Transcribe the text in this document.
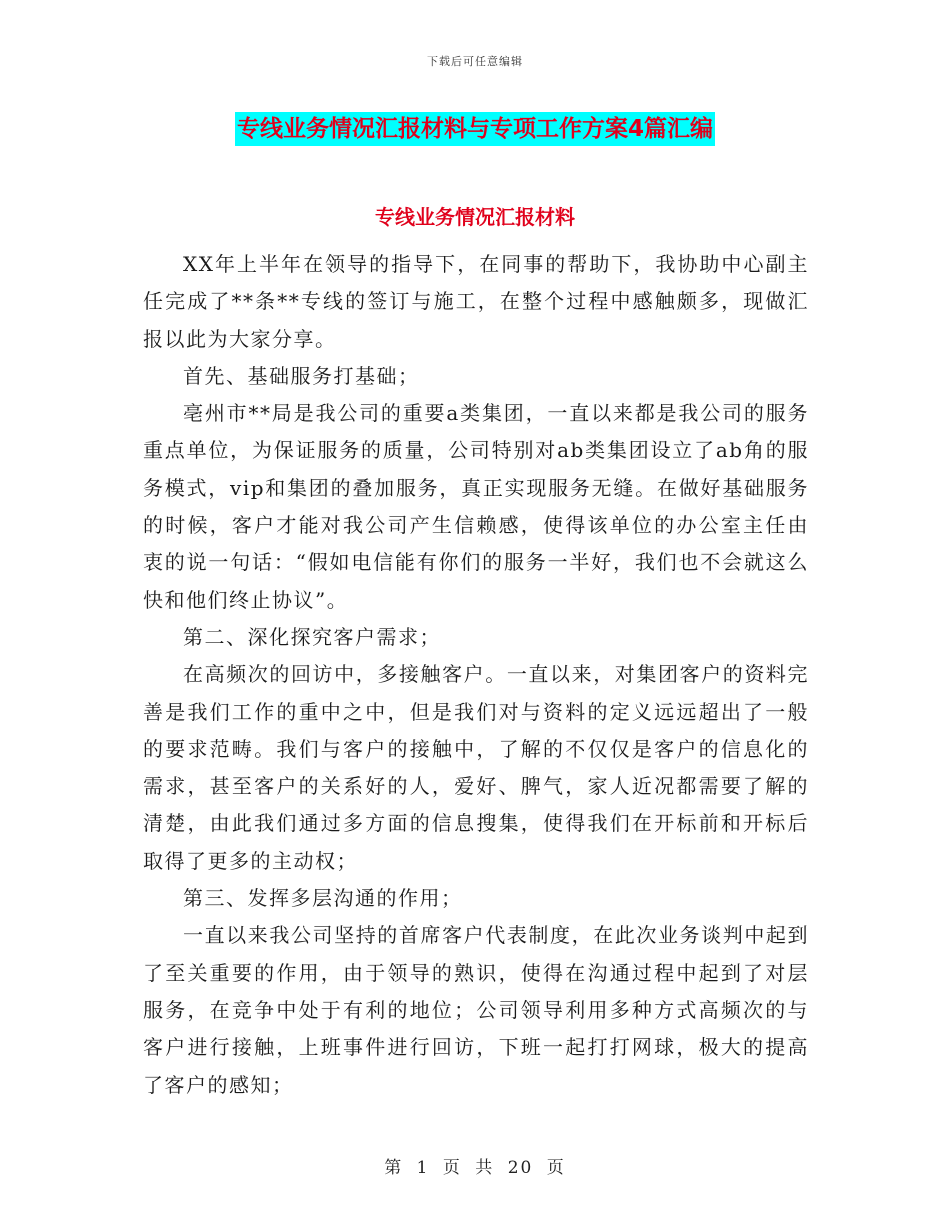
下载后可任意编辑
专线业务情况汇报材料与专项工作方案4篇汇编
专线业务情况汇报材料

XX年上半年在领导的指导下，在同事的帮助下，我协助中心副主任完成了**条**专线的签订与施工，在整个过程中感触颇多，现做汇报以此为大家分享。

首先、基础服务打基础；

亳州市**局是我公司的重要a类集团，一直以来都是我公司的服务重点单位，为保证服务的质量，公司特别对ab类集团设立了ab角的服务模式，vip和集团的叠加服务，真正实现服务无缝。在做好基础服务的时候，客户才能对我公司产生信赖感，使得该单位的办公室主任由衷的说一句话：“假如电信能有你们的服务一半好，我们也不会就这么快和他们终止协议”。

第二、深化探究客户需求；

在高频次的回访中，多接触客户。一直以来，对集团客户的资料完善是我们工作的重中之中，但是我们对与资料的定义远远超出了一般的要求范畴。我们与客户的接触中，了解的不仅仅是客户的信息化的需求，甚至客户的关系好的人，爱好、脾气，家人近况都需要了解的清楚，由此我们通过多方面的信息搜集，使得我们在开标前和开标后取得了更多的主动权；

第三、发挥多层沟通的作用；

一直以来我公司坚持的首席客户代表制度，在此次业务谈判中起到了至关重要的作用，由于领导的熟识，使得在沟通过程中起到了对层服务，在竞争中处于有利的地位；公司领导利用多种方式高频次的与客户进行接触，上班事件进行回访，下班一起打打网球，极大的提高了客户的感知；

第 1 页 共 20 页
